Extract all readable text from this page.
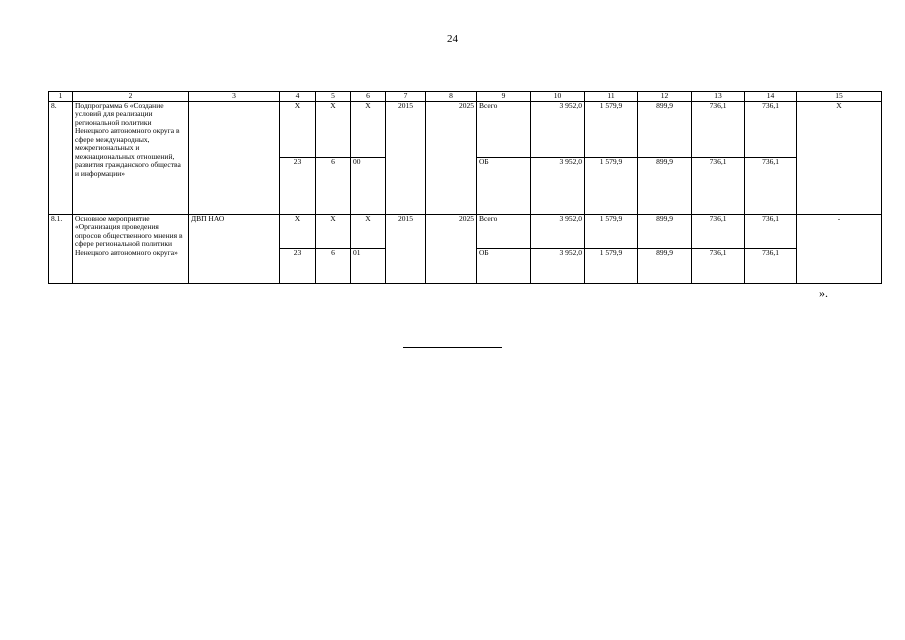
24
1	2	3	4	5	6	7	8	9	10	11	12	13	14	15
8.	Подпрограмма 6 «Создание условий для реализации региональной политики Ненецкого автономного округа в сфере международных, межрегиональных и межнациональных отношений, развития гражданского общества и информации»		Х	Х	Х	2015	2025	Всего	3 952,0	1 579,9	899,9	736,1	736,1	Х
			23	6	00			ОБ	3 952,0	1 579,9	899,9	736,1	736,1	
8.1.	Основное мероприятие «Организация проведения опросов общественного мнения в сфере региональной политики Ненецкого автономного округа»	ДВП НАО	Х	Х	Х	2015	2025	Всего	3 952,0	1 579,9	899,9	736,1	736,1	-
			23	6	01			ОБ	3 952,0	1 579,9	899,9	736,1	736,1	
».
